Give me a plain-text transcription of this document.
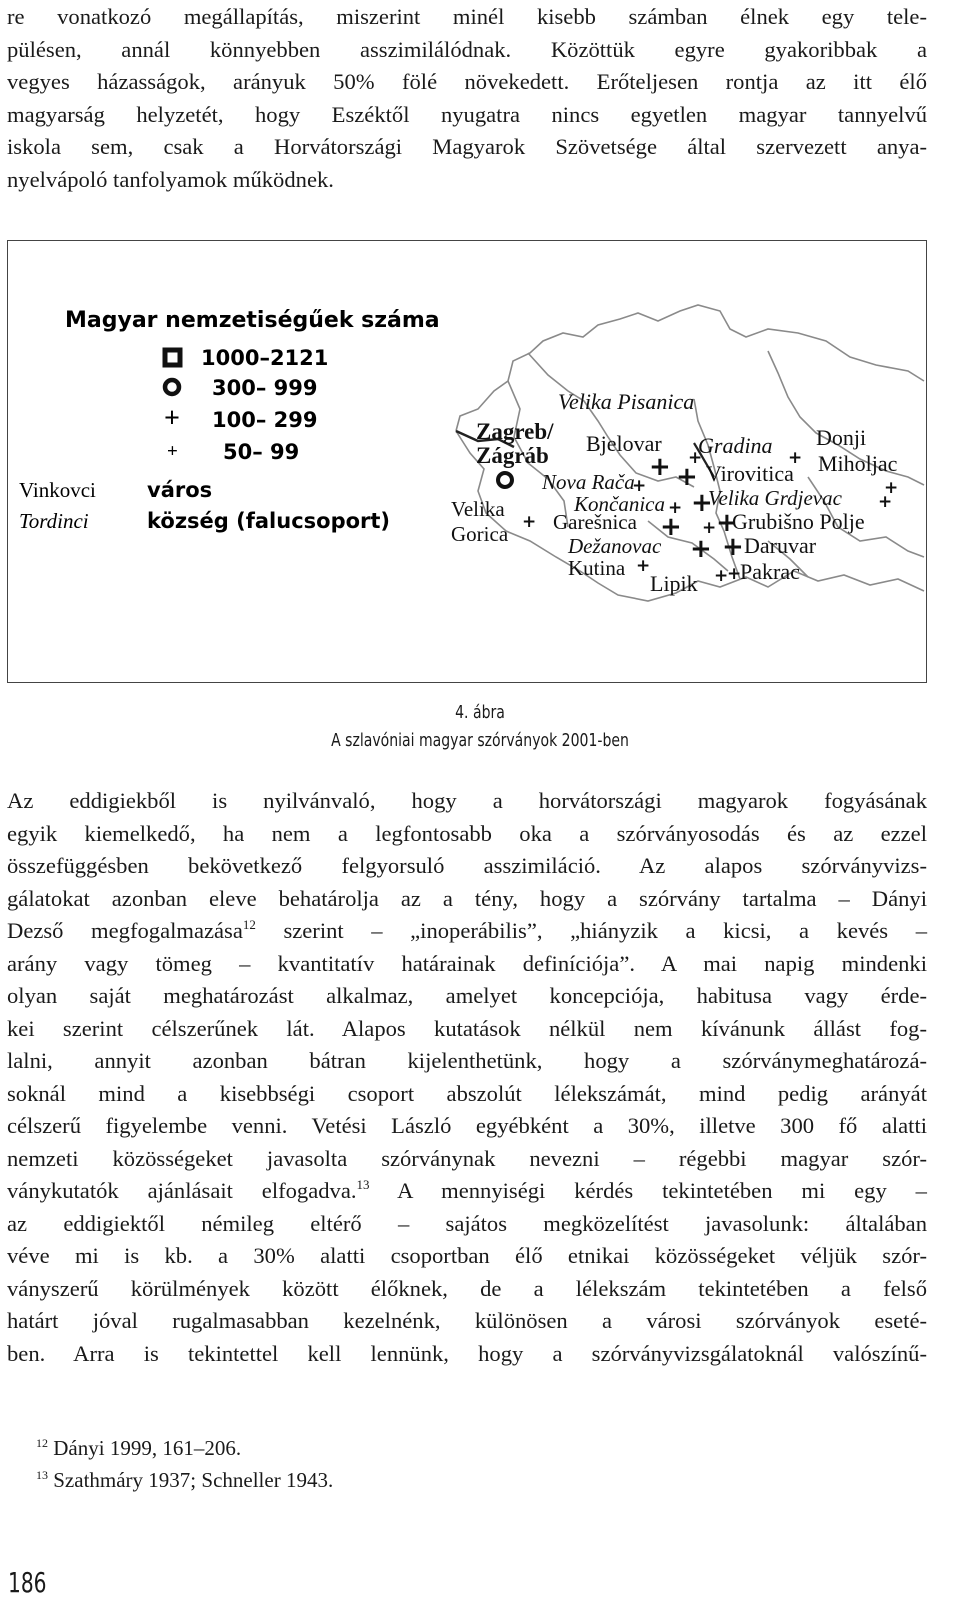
re vonatkozó megállapítás, miszerint minél kisebb számban élnek egy tele-
pülésen, annál könnyebben asszimilálódnak. Közöttük egyre gyakoribbak a
vegyes házasságok, arányuk 50% fölé növekedett. Erőteljesen rontja az itt élő
magyarság helyzetét, hogy Eszéktől nyugatra nincs egyetlen magyar tannyelvű
iskola sem, csak a Horvátországi Magyarok Szövetsége által szervezett anya-
nyelvápoló tanfolyamok működnek.
Magyar nemzetiségűek száma
1000–2121
300– 999
+ 100– 299
+ 50– 99
Vinkovci város
Tordinci	község (falucsoport)
Velika Pisanica
Zagreb/
Zágráb Bjelovar Gradina Donji
Miholjac
Virovitica
Nova Rača
Končanica Velika Grdjevac
Velika
Gorica Garešnica	Grubišno Polje
Dežanovac	Daruvar
Kutina
Lipik Pakrac
+ +
+
+	+
+
+ +	+
+	+ + +
+ +
+	+
+
4. ábra
A szlavóniai magyar szórványok 2001-ben
Az eddigiekből is nyilvánvaló, hogy a horvátországi magyarok fogyásának
egyik kiemelkedő, ha nem a legfontosabb oka a szórványosodás és az ezzel
összefüggésben bekövetkező felgyorsuló asszimiláció. Az alapos szórványvizs-
gálatokat azonban eleve behatárolja az a tény, hogy a szórvány tartalma – Dányi
Dezső megfogalmazása$^{12}$ szerint – „inoperábilis”, „hiányzik a kicsi, a kevés –
arány vagy tömeg – kvantitatív határainak definíciója”. A mai napig mindenki
olyan saját meghatározást alkalmaz, amelyet koncepciója, habitusa vagy érde-
kei szerint célszerűnek lát. Alapos kutatások nélkül nem kívánunk állást fog-
lalni, annyit azonban bátran kijelenthetünk, hogy a szórványmeghatározá-
soknál mind a kisebbségi csoport abszolút lélekszámát, mind pedig arányát
célszerű figyelembe venni. Vetési László egyébként a 30%, illetve 300 fő alatti
nemzeti közösségeket javasolta szórványnak nevezni – régebbi magyar szór-
ványkutatók ajánlásait elfogadva.$^{13}$ A mennyiségi kérdés tekintetében mi egy –
az eddigiektől némileg eltérő – sajátos megközelítést javasolunk: általában
véve mi is kb. a 30% alatti csoportban élő etnikai közösségeket véljük szór-
ványszerű körülmények között élőknek, de a lélekszám tekintetében a felső
határt jóval rugalmasabban kezelnénk, különösen a városi szórványok eseté-
ben. Arra is tekintettel kell lennünk, hogy a szórványvizsgálatoknál valószínű-
$^{12}$ Dányi 1999, 161–206.
$^{13}$ Szathmáry 1937; Schneller 1943.
186
